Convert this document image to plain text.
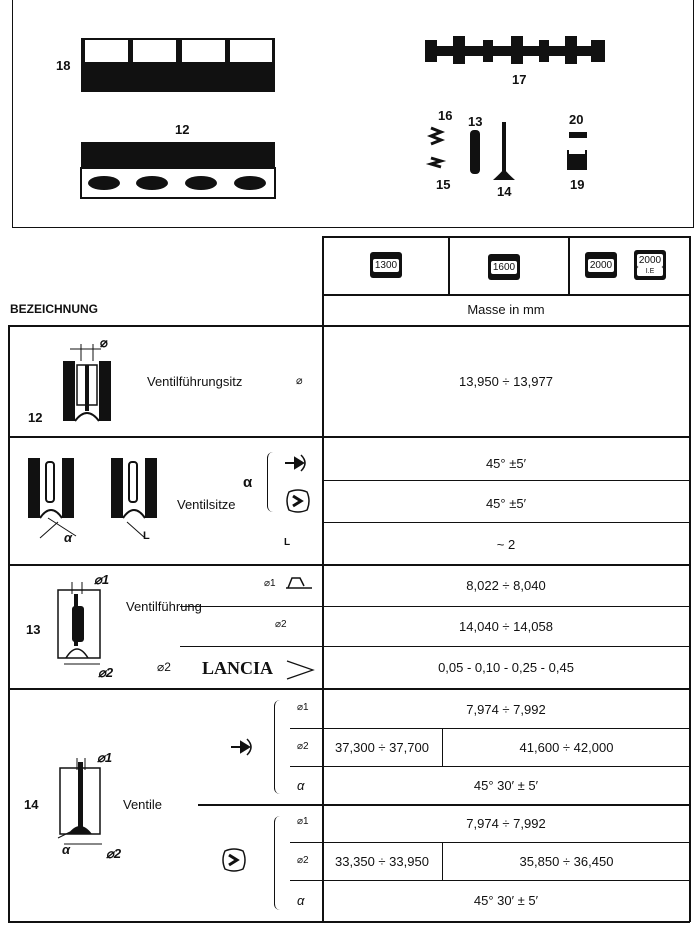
18
17
12
16 13	20
15	14	19
1300	1600	2000	2000
I.E
BEZEICHNUNG	Masse in mm
⌀
12
Ventilführungsitz	⌀	13,950 ÷ 13,977
α	L
Ventilsitze
α
45° ±5′
45° ±5′
L	~ 2
⌀1
⌀2
13
Ventilführung
⌀1	8,022 ÷ 8,040
⌀2	14,040 ÷ 14,058
⌀2 LANCIA	0,05 - 0,10 - 0,25 - 0,45
⌀1
⌀2
α
14	Ventile
⌀1	7,974 ÷ 7,992
⌀2	37,300 ÷ 37,700	41,600 ÷ 42,000
α	45° 30′ ± 5′
⌀1	7,974 ÷ 7,992
⌀2	33,350 ÷ 33,950	35,850 ÷ 36,450
α	45° 30′ ± 5′
